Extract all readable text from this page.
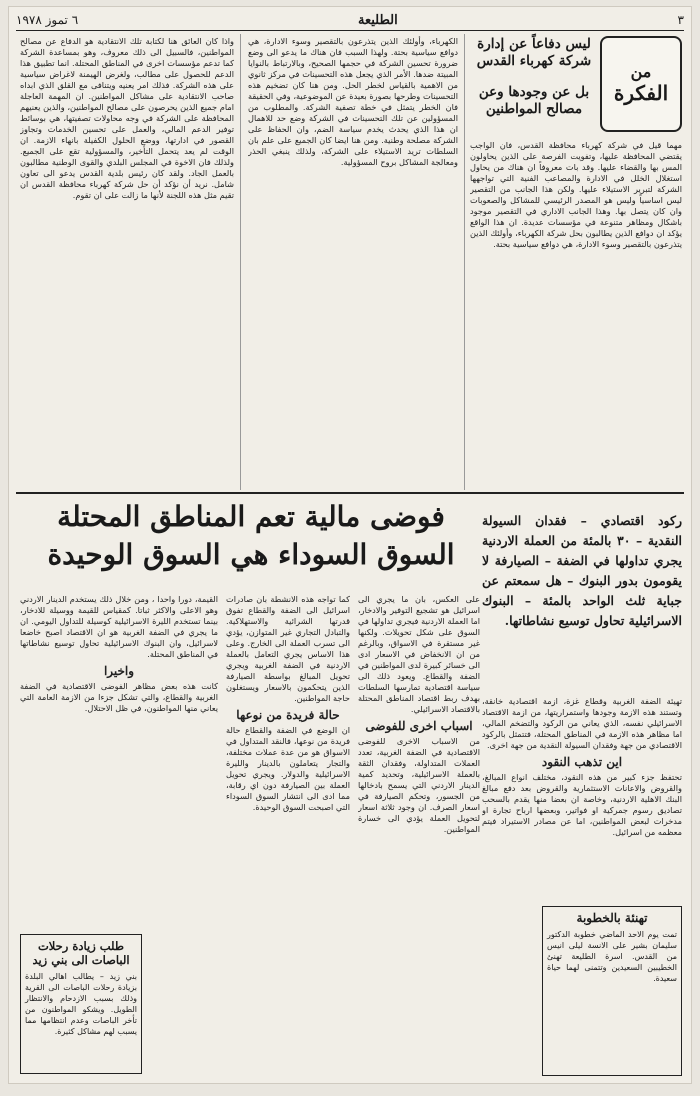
٣
الطليعة
٦ تموز ١٩٧٨
من
الفكرة
ليس دفاعاً عن إدارة شركة كهرباء القدس
بل عن وجودها وعن مصالح المواطنين

مهما قيل في شركة كهرباء محافظة القدس، فان الواجب يقتضي المحافظة عليها، وتفويت الفرصة على الذين يحاولون المس بها والقضاء عليها. وقد بات معروفاً ان هناك من يحاول استغلال الخلل في الادارة والمصاعب الفنية التي تواجهها الشركة لتبرير الاستيلاء عليها. ولكن هذا الجانب من التقصير ليس اساسياً وليس هو المصدر الرئيسي للمشاكل والصعوبات وان كان يتصل بها. وهذا الجانب الاداري في التقصير موجود باشكال ومظاهر متنوعة في مؤسسات عديدة. ان هذا الواقع يؤكد ان دوافع الذين يطالبون بحل شركة الكهرباء، وأولئك الذين يتذرعون بالتقصير وسوء الادارة، هي دوافع سياسية بحتة.

الكهرباء، وأولئك الذين يتذرعون بالتقصير وسوء الادارة، هي دوافع سياسية بحتة. ولهذا السبب فان هناك ما يدعو الى وضع ضرورة تحسين الشركة في حجمها الصحيح، وبالارتباط بالنوايا المبيتة ضدها. الأمر الذي يجعل هذه التحسينات في مركز ثانوي من الاهمية بالقياس لخطر الحل. ومن هنا كان تضخيم هذه التحسينات وطرحها بصورة بعيدة عن الموضوعية، وفي الحقيقة فان الخطر يتمثل في خطة تصفية الشركة. والمطلوب من المسؤولين عن تلك التحسينات في الشركة وضع حد للاهمال ان هذا الذي يحدث يخدم سياسة الضم، وان الحفاظ على الشركة مصلحة وطنية. ومن هنا ايضا كان الجميع على علم بان السلطات تريد الاستيلاء على الشركة، ولذلك ينبغي الحذر ومعالجة المشاكل بروح المسؤولية.

واذا كان العائق هنا لكتابة تلك الانتقادية هو الدفاع عن مصالح المواطنين، فالسبيل الى ذلك معروف، وهو بمساعدة الشركة كما تدعم مؤسسات اخرى في المناطق المحتلة. انما تطبيق هذا الدعم للحصول على مطالب، ولغرض الهيمنة لاغراض سياسية على هذه الشركة. فذلك امر يعنيه ويتنافى مع القلق الذي ابداه صاحب الانتقادية على مشاكل المواطنين. ان المهمة العاجلة امام جميع الذين يحرصون على مصالح المواطنين، والذين يعنيهم المحافظة على الشركة في وجه محاولات تصفيتها، هي بوسائط توفير الدعم المالي، والعمل على تحسين الخدمات وتجاوز القصور في ادارتها، ووضع الحلول الكفيلة بانهاء الازمة. ان الوقت لم يعد يتحمل التأخير، والمسؤولية تقع على الجميع. ولذلك فان الاخوة في المجلس البلدي والقوى الوطنية مطالبون بالعمل الجاد. ولقد كان رئيس بلدية القدس يدعو الى تعاون شامل. نريد أن نؤكد أن حل شركة كهرباء محافظة القدس ان تقيم مثل هذه اللجنة لأنها ما زالت على ان تقوم.

فوضى مالية تعم المناطق المحتلة
السوق السوداء هي السوق الوحيدة
ركود اقتصادي – فقدان السيولة النقدية – ٣٠ بالمئة من العملة الاردنية يجري تداولها في الضفة – الصيارفة لا يقومون بدور البنوك – هل سمعتم عن جباية ثلث الواحد بالمئة – البنوك الاسرائيلية تحاول توسيع نشاطاتها.

تهيئة الضفة الغربية وقطاع غزة، ازمة اقتصادية خانقة، وتستند هذه الازمة وجودها واستمراريتها، من ازمة الاقتصاد الاسرائيلي نفسه، الذي يعاني من الركود والتضخم المالي، اما مظاهر هذه الازمة في المناطق المحتلة، فتتمثل بالركود الاقتصادي من جهة وفقدان السيولة النقدية من جهة اخرى.

اين تذهب النقود

تحتفظ جزء كبير من هذه النقود، مختلف انواع المبالغ، والقروض والاعانات الاستثمارية والقروض بعد دفع مبالغ البنك الاهلية الاردنية، وخاصة ان بعضا منها يقدم بالسحب تصاديق رسوم جمركية او فواتير، وبعضها ارباح تجارة او مدخرات لبعض المواطنين، اما عن مصادر الاستيراد فيتم معظمه من اسرائيل.

على العكس، بان ما يجري الى اسرائيل هو تشجيع التوفير والادخار، اما العملة الاردنية فيجري تداولها في السوق على شكل تحويلات. ولكنها غير مستقرة في الاسواق، وبالرغم من ان الانخفاض في الاسعار ادى الى خسائر كبيرة لدى المواطنين في الضفة والقطاع. ويعود ذلك الى سياسة اقتصادية تمارسها السلطات بهدف ربط اقتصاد المناطق المحتلة بالاقتصاد الاسرائيلي.

اسباب اخرى للفوضى

من الاسباب الاخرى للفوضى الاقتصادية في الضفة الغربية، تعدد العملات المتداولة، وفقدان الثقة بالعملة الاسرائيلية، وتحديد كمية الدينار الاردني التي يسمح بادخالها من الجسور، وتحكم الصيارفة في اسعار الصرف. ان وجود ثلاثة اسعار لتحويل العملة يؤدي الى خسارة المواطنين.

كما تواجه هذه الانشطة بان صادرات اسرائيل الى الضفة والقطاع تفوق قدرتها الشرائية والاستهلاكية. والتبادل التجاري غير المتوازن، يؤدي الى تسرب العملة الى الخارج. وعلى هذا الاساس يجري التعامل بالعملة الاردنية في الضفة الغربية ويجري تحويل المبالغ بواسطة الصيارفة الذين يتحكمون بالاسعار ويستغلون حاجة المواطنين.

حالة فريدة من نوعها

ان الوضع في الضفة والقطاع حالة فريدة من نوعها، فالنقد المتداول في الاسواق هو من عدة عملات مختلفة، والتجار يتعاملون بالدينار والليرة الاسرائيلية والدولار. ويجري تحويل العملة بين الصيارفة دون اي رقابة، مما ادى الى انتشار السوق السوداء التي اصبحت السوق الوحيدة.

القيمة، دورا واحدا ، ومن خلال ذلك يستخدم الدينار الاردني وهو الاعلى والاكثر ثباتا. كمقياس للقيمة ووسيلة للادخار، بينما تستخدم الليرة الاسرائيلية كوسيلة للتداول اليومي. ان ما يجري في الضفة الغربية هو ان الاقتصاد اصبح خاضعا لاسرائيل، وان البنوك الاسرائيلية تحاول توسيع نشاطاتها في المناطق المحتلة.

واخيرا

كانت هذه بعض مظاهر الفوضى الاقتصادية في الضفة الغربية والقطاع، والتي تشكل جزءا من الازمة العامة التي يعاني منها المواطنون، في ظل الاحتلال.

طلب زيادة رحلات الباصات الى بني زيد
بني زيد – يطالب اهالي البلدة بزيادة رحلات الباصات الى القرية وذلك بسبب الازدحام والانتظار الطويل. ويشكو المواطنون من تأخر الباصات وعدم انتظامها مما يسبب لهم مشاكل كثيرة.
تهنئة بالخطوبة
تمت يوم الاحد الماضي خطوبة الدكتور سليمان بشير على الانسة ليلى انيس من القدس. اسرة الطليعة تهنئ الخطيبين السعيدين وتتمنى لهما حياة سعيدة.
